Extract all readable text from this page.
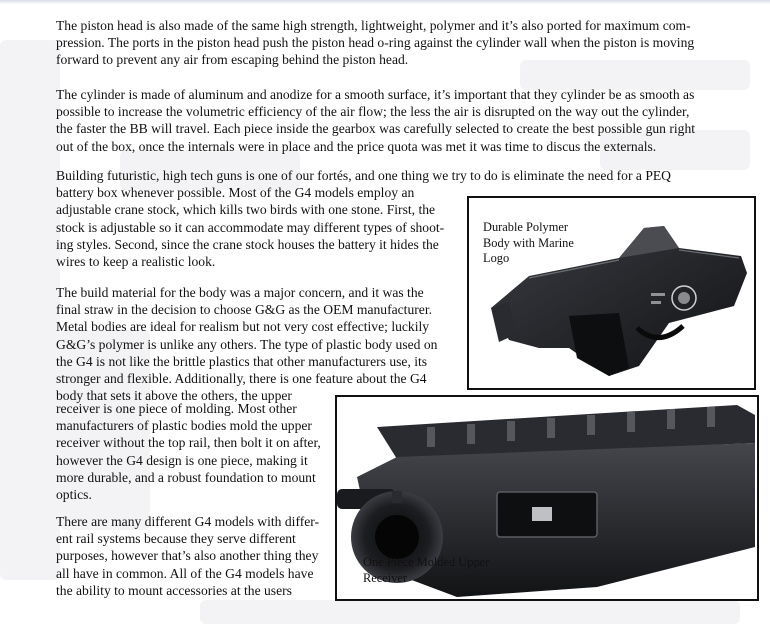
The piston head is also made of the same high strength, lightweight, polymer and it’s also ported for maximum com-
pression. The ports in the piston head push the piston head o-ring against the cylinder wall when the piston is moving
forward to prevent any air from escaping behind the piston head.
The cylinder is made of aluminum and anodize for a smooth surface, it’s important that they cylinder be as smooth as
possible to increase the volumetric efficiency of the air flow; the less the air is disrupted on the way out the cylinder,
the faster the BB will travel. Each piece inside the gearbox was carefully selected to create the best possible gun right
out of the box, once the internals were in place and the price quota was met it was time to discus the externals.
Building futuristic, high tech guns is one of our fortés, and one thing we try to do is eliminate the need for a PEQ
battery box whenever possible. Most of the G4 models employ an
adjustable crane stock, which kills two birds with one stone. First, the
stock is adjustable so it can accommodate may different types of shoot-
ing styles. Second, since the crane stock houses the battery it hides the
wires to keep a realistic look.
The build material for the body was a major concern, and it was the
final straw in the decision to choose G&G as the OEM manufacturer.
Metal bodies are ideal for realism but not very cost effective; luckily
G&G’s polymer is unlike any others. The type of plastic body used on
the G4 is not like the brittle plastics that other manufacturers use, its
stronger and flexible. Additionally, there is one feature about the G4
body that sets it above the others, the upper
receiver is one piece of molding. Most other
manufacturers of plastic bodies mold the upper
receiver without the top rail, then bolt it on after,
however the G4 design is one piece, making it
more durable, and a robust foundation to mount
optics.
There are many different G4 models with differ-
ent rail systems because they serve different
purposes, however that’s also another thing they
all have in common. All of the G4 models have
the ability to mount accessories at the users
Durable Polymer
Body with Marine
Logo
One Piece Molded Upper
Receiver
